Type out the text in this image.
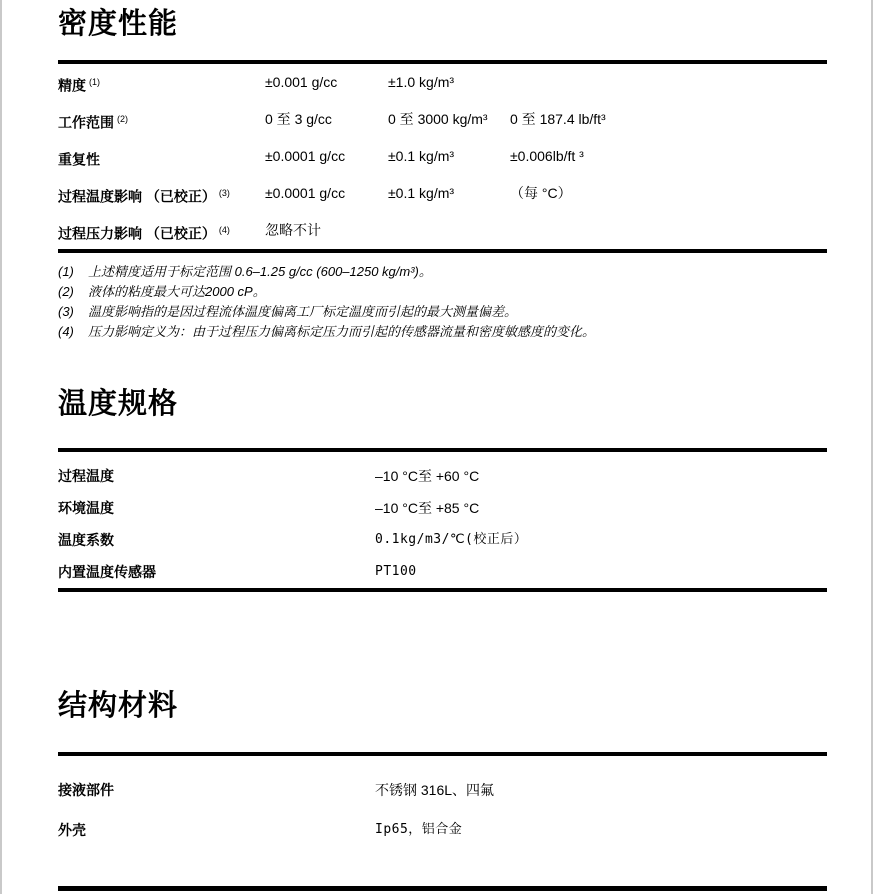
密度性能
精度 $^{(1)}$	±0.001 g/cc	±1.0 kg/m³
工作范围 $^{(2)}$	0 至 3 g/cc	0 至 3000 kg/m³	0 至 187.4 lb/ft³
重复性	±0.0001 g/cc	±0.1 kg/m³	±0.006lb/ft ³
过程温度影响 （已校正） $^{(3)}$	±0.0001 g/cc	±0.1 kg/m³	（每 °C）
过程压力影响 （已校正） $^{(4)}$	忽略不计
(1)	上述精度适用于标定范围 0.6–1.25 g/cc (600–1250 kg/m³)。
(2)	液体的粘度最大可达2000 cP。
(3)	温度影响指的是因过程流体温度偏离工厂标定温度而引起的最大测量偏差。
(4)	压力影响定义为：由于过程压力偏离标定压力而引起的传感器流量和密度敏感度的变化。
温度规格
过程温度	–10 °C至 +60 °C
环境温度	–10 °C至 +85 °C
温度系数	0.1kg/m3/℃(校正后）
内置温度传感器	PT100
结构材料
接液部件	不锈钢 316L、四氟
外壳	Ip65，铝合金
